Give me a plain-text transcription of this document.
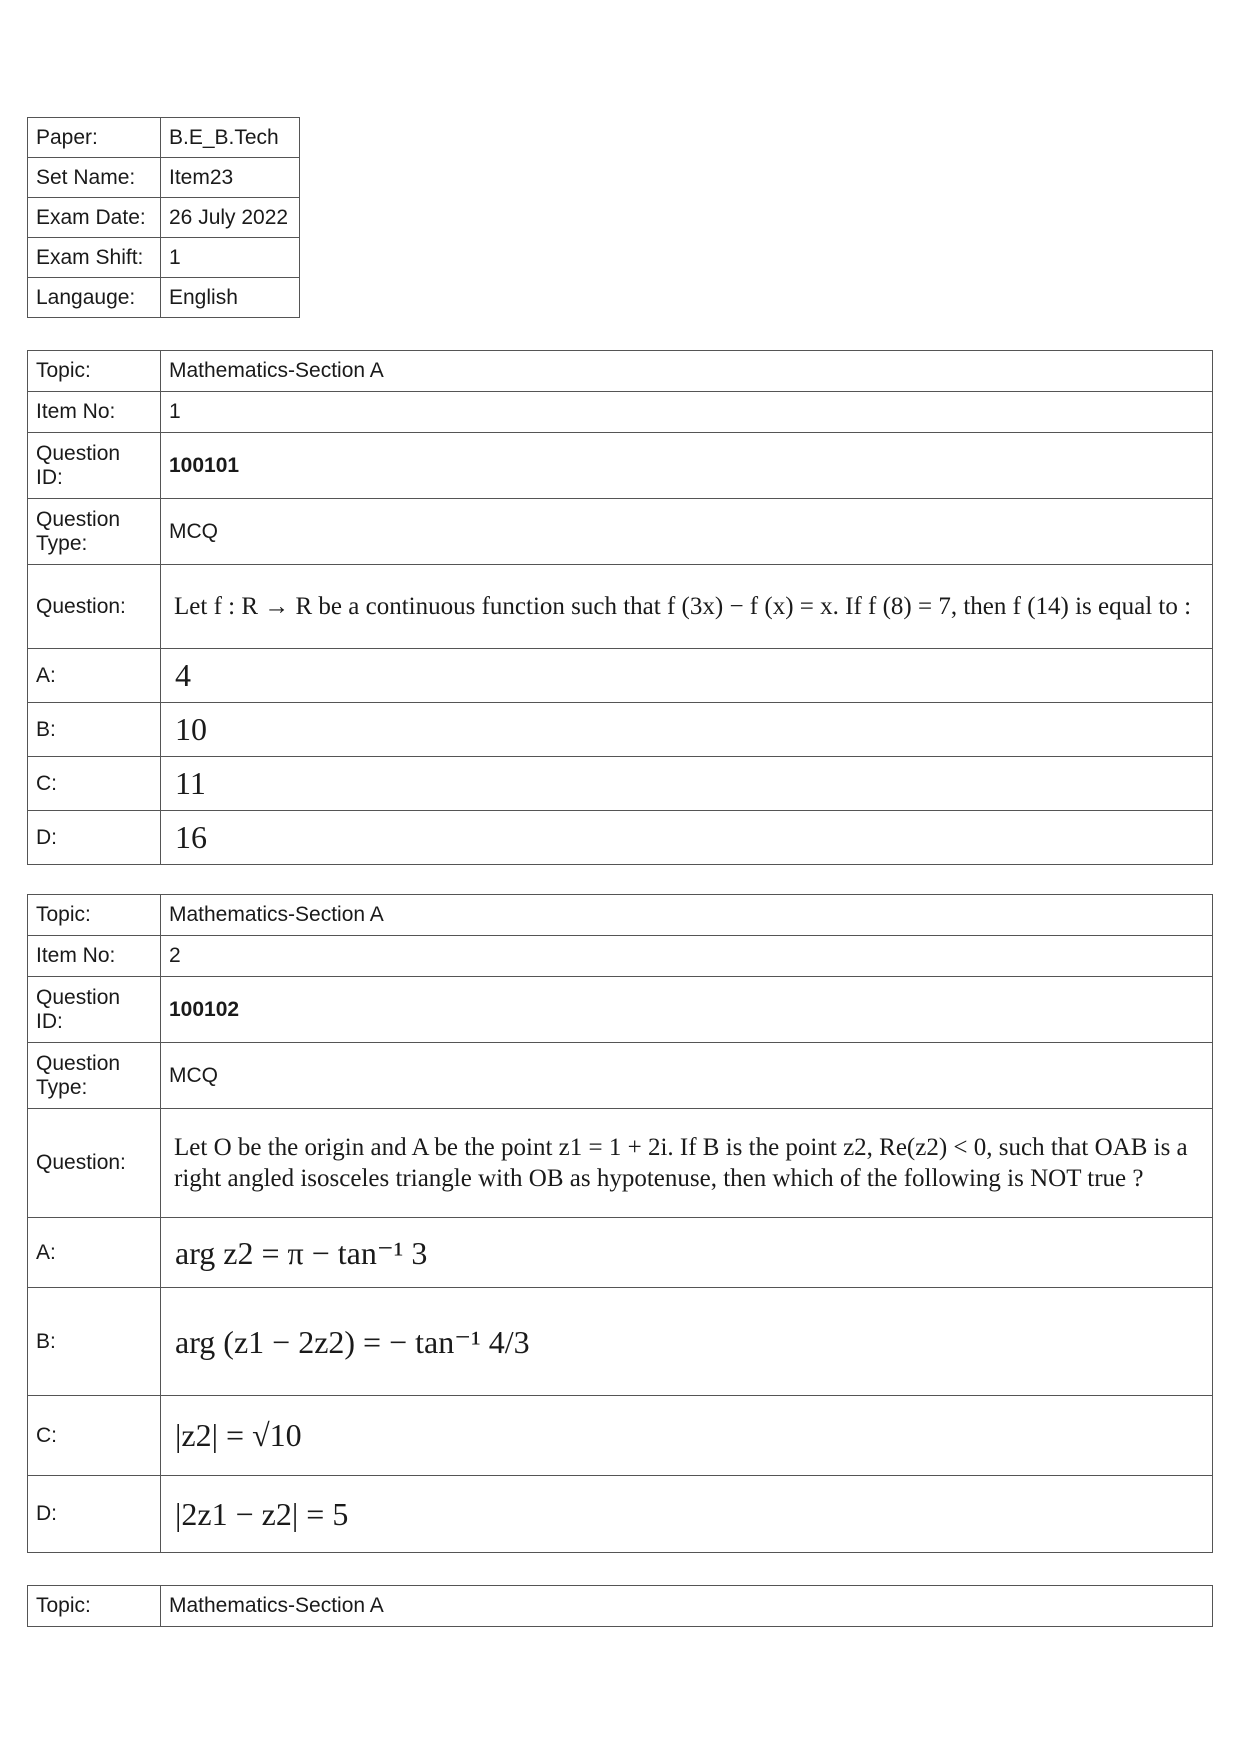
Paper:	B.E_B.Tech
Set Name:	Item23
Exam Date:	26 July 2022
Exam Shift:	1
Langauge:	English
Topic:	Mathematics-Section A
Item No:	1
Question ID:	100101
Question Type:	MCQ
Question:	Let f : R → R be a continuous function such that f (3x) − f (x) = x. If f (8) = 7, then f (14) is equal to :
A:	4
B:	10
C:	11
D:	16
Topic:	Mathematics-Section A
Item No:	2
Question ID:	100102
Question Type:	MCQ
Question:	Let O be the origin and A be the point z1 = 1 + 2i. If B is the point z2, Re(z2) < 0, such that OAB is a right angled isosceles triangle with OB as hypotenuse, then which of the following is NOT true ?
A:	arg z2 = π − tan⁻¹ 3
B:	arg (z1 − 2z2) = − tan⁻¹ 4/3
C:	|z2| = √10
D:	|2z1 − z2| = 5
Topic:	Mathematics-Section A
